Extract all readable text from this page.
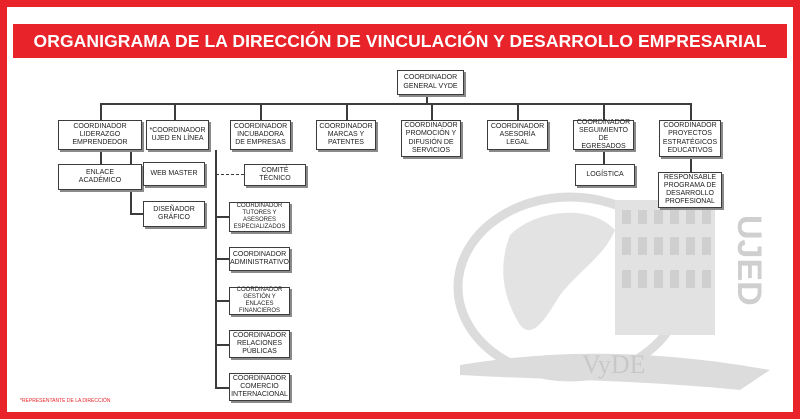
ORGANIGRAMA DE LA DIRECCIÓN DE VINCULACIÓN Y DESARROLLO EMPRESARIAL
VyDE
UJED
COORDINADOR
GENERAL VYDE
COORDINADOR
LIDERAZGO
EMPRENDEDOR
*COORDINADOR
UJED EN LÍNEA
COORDINADOR
INCUBADORA
DE EMPRESAS
COORDINADOR
MARCAS Y
PATENTES
COORDINADOR
PROMOCIÓN Y
DIFUSIÓN DE
SERVICIOS
COORDINADOR
ASESORÍA LEGAL
COORDINADOR
SEGUIMIENTO
DE EGRESADOS
COORDINADOR
PROYECTOS
ESTRATÉGICOS
EDUCATIVOS
ENLACE
ACADÉMICO
WEB MASTER
DISEÑADOR
GRÁFICO
COMITÉ TÉCNICO
COORDINADOR
TUTORES Y
ASESORES
ESPECIALIZADOS
COORDINADOR
ADMINISTRATIVO
COORDINADOR
GESTIÓN Y ENLACES
FINANCIEROS
COORDINADOR
RELACIONES
PÚBLICAS
COORDINADOR
COMERCIO
INTERNACIONAL
LOGÍSTICA	RESPONSABLE
PROGRAMA DE
DESARROLLO
PROFESIONAL
*REPRESENTANTE DE LA DIRECCIÓN
